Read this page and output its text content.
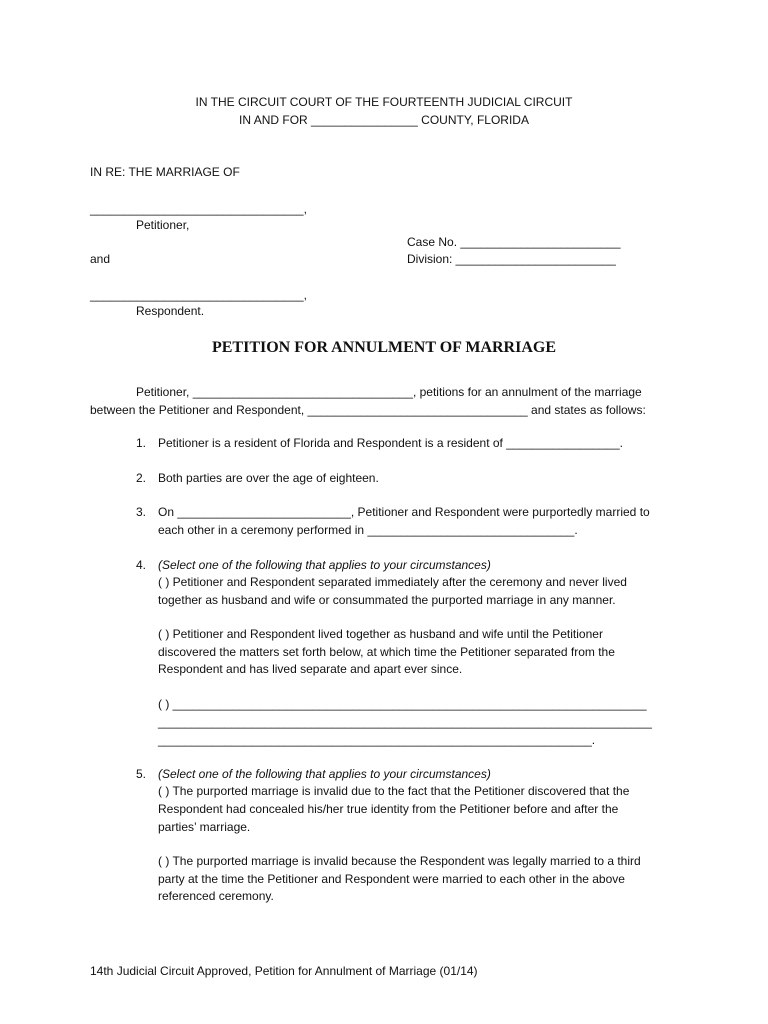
IN THE CIRCUIT COURT OF THE FOURTEENTH JUDICIAL CIRCUIT
IN AND FOR ________________ COUNTY, FLORIDA
IN RE: THE MARRIAGE OF
________________________________,
Petitioner,
Case No. ________________________
and	Division: ________________________
________________________________,
Respondent.
PETITION FOR ANNULMENT OF MARRIAGE
Petitioner, _________________________________, petitions for an annulment of the marriage
between the Petitioner and Respondent, _________________________________ and states as follows:
1. Petitioner is a resident of Florida and Respondent is a resident of _________________.
2. Both parties are over the age of eighteen.
3. On __________________________, Petitioner and Respondent were purportedly married to
each other in a ceremony performed in _______________________________.
4. (Select one of the following that applies to your circumstances)
( ) Petitioner and Respondent separated immediately after the ceremony and never lived
together as husband and wife or consummated the purported marriage in any manner.
( ) Petitioner and Respondent lived together as husband and wife until the Petitioner
discovered the matters set forth below, at which time the Petitioner separated from the
Respondent and has lived separate and apart ever since.
( ) _______________________________________________________________________
__________________________________________________________________________
_________________________________________________________________.
5. (Select one of the following that applies to your circumstances)
( ) The purported marriage is invalid due to the fact that the Petitioner discovered that the
Respondent had concealed his/her true identity from the Petitioner before and after the
parties’ marriage.
( ) The purported marriage is invalid because the Respondent was legally married to a third
party at the time the Petitioner and Respondent were married to each other in the above
referenced ceremony.
14th Judicial Circuit Approved, Petition for Annulment of Marriage (01/14)
